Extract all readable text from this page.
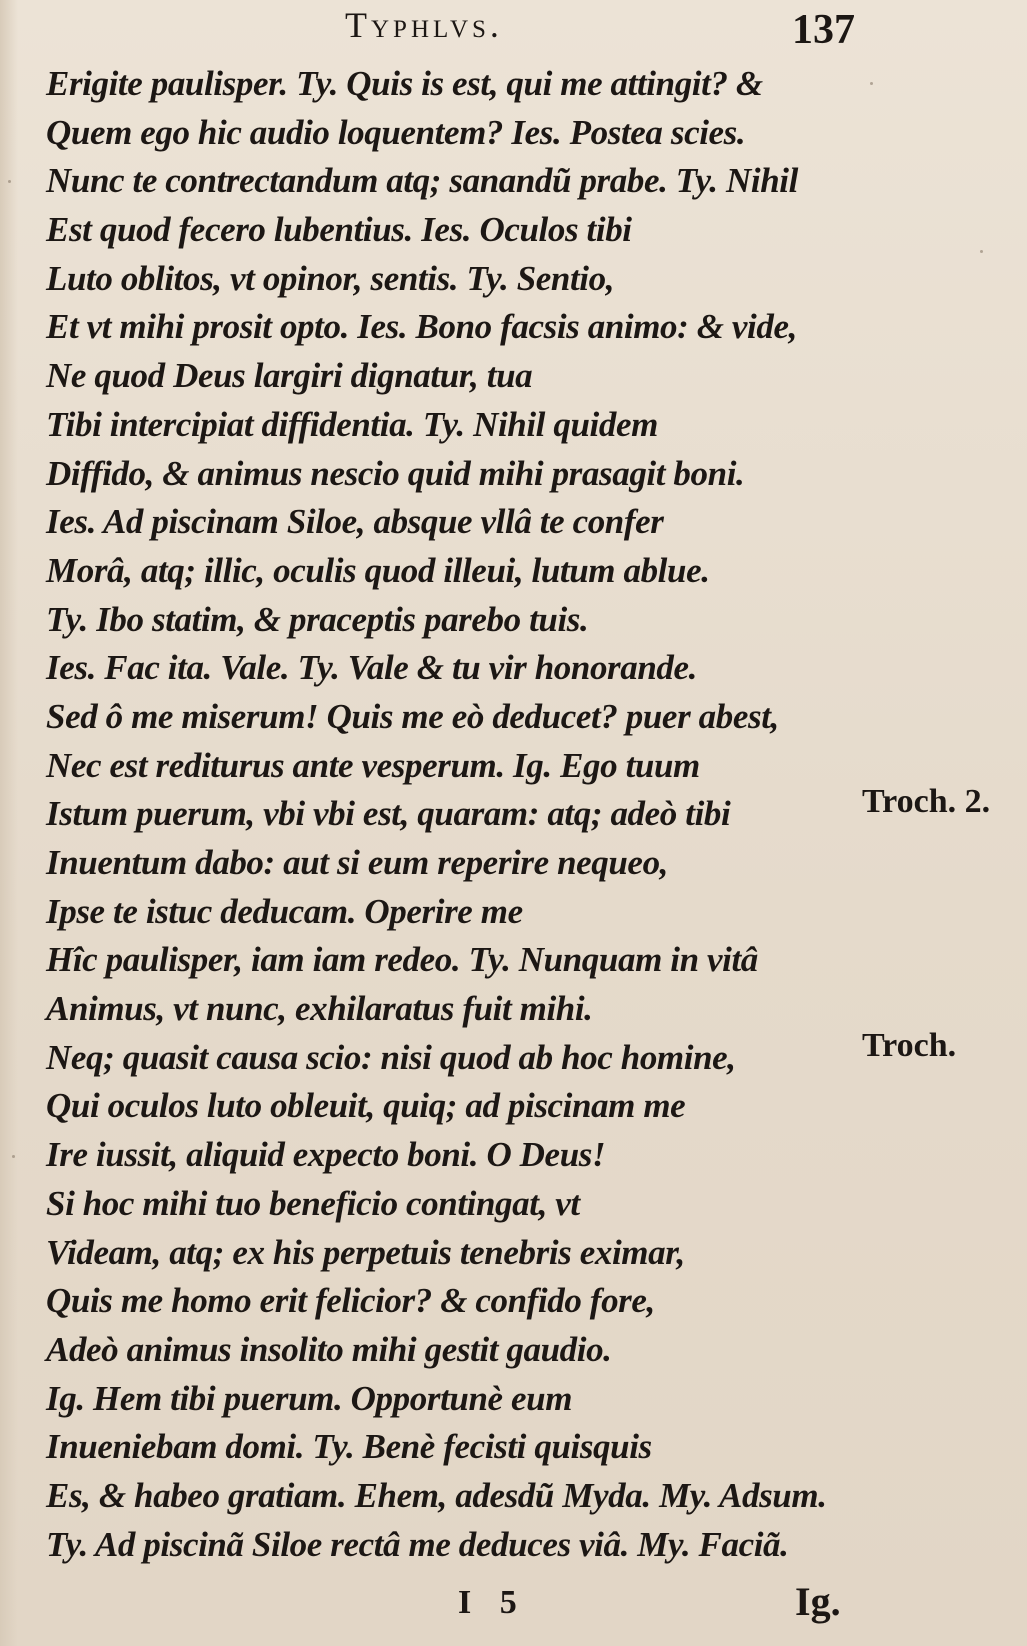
Typhlvs.	137
Erigite paulisper. Ty. Quis is est, qui me attingit? &
Quem ego hic audio loquentem? Ies. Postea scies.
Nunc te contrectandum atq; sanandũ prabe. Ty. Nihil
Est quod fecero lubentius. Ies. Oculos tibi
Luto oblitos, vt opinor, sentis. Ty. Sentio,
Et vt mihi prosit opto. Ies. Bono facsis animo: & vide,
Ne quod Deus largiri dignatur, tua
Tibi intercipiat diffidentia. Ty. Nihil quidem
Diffido, & animus nescio quid mihi prasagit boni.
Ies. Ad piscinam Siloe, absque vllâ te confer
Morâ, atq; illic, oculis quod illeui, lutum ablue.
Ty. Ibo statim, & praceptis parebo tuis.
Ies. Fac ita. Vale. Ty. Vale & tu vir honorande.
Sed ô me miserum! Quis me eò deducet? puer abest,
Nec est rediturus ante vesperum. Ig. Ego tuum
Istum puerum, vbi vbi est, quaram: atq; adeò tibi
Inuentum dabo: aut si eum reperire nequeo,
Ipse te istuc deducam. Operire me
Hîc paulisper, iam iam redeo. Ty. Nunquam in vitâ
Animus, vt nunc, exhilaratus fuit mihi.
Neq; quasit causa scio: nisi quod ab hoc homine,
Qui oculos luto obleuit, quiq; ad piscinam me
Ire iussit, aliquid expecto boni. O Deus!
Si hoc mihi tuo beneficio contingat, vt
Videam, atq; ex his perpetuis tenebris eximar,
Quis me homo erit felicior? & confido fore,
Adeò animus insolito mihi gestit gaudio.
Ig. Hem tibi puerum. Opportunè eum
Inueniebam domi. Ty. Benè fecisti quisquis
Es, & habeo gratiam. Ehem, adesdũ Myda. My. Adsum.
Ty. Ad piscinã Siloe rectâ me deduces viâ. My. Faciã.
Troch. 2.
Troch.
I 5	Ig.
